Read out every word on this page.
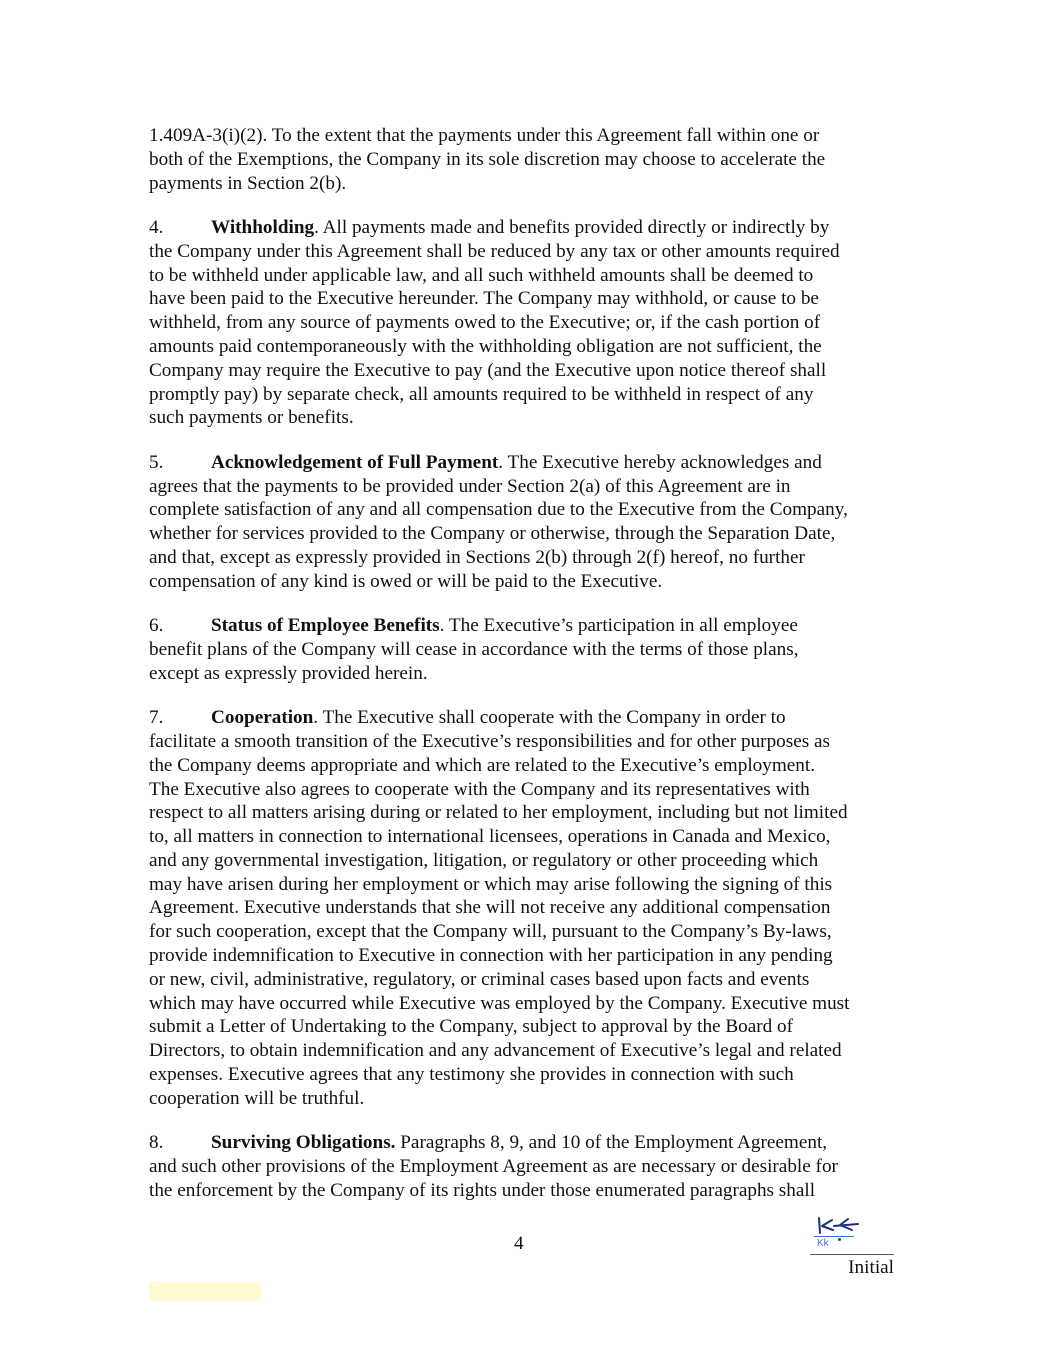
1.409A-3(i)(2). To the extent that the payments under this Agreement fall within one or
both of the Exemptions, the Company in its sole discretion may choose to accelerate the
payments in Section 2(b).

4. Withholding. All payments made and benefits provided directly or indirectly by
the Company under this Agreement shall be reduced by any tax or other amounts required
to be withheld under applicable law, and all such withheld amounts shall be deemed to
have been paid to the Executive hereunder. The Company may withhold, or cause to be
withheld, from any source of payments owed to the Executive; or, if the cash portion of
amounts paid contemporaneously with the withholding obligation are not sufficient, the
Company may require the Executive to pay (and the Executive upon notice thereof shall
promptly pay) by separate check, all amounts required to be withheld in respect of any
such payments or benefits.

5. Acknowledgement of Full Payment. The Executive hereby acknowledges and
agrees that the payments to be provided under Section 2(a) of this Agreement are in
complete satisfaction of any and all compensation due to the Executive from the Company,
whether for services provided to the Company or otherwise, through the Separation Date,
and that, except as expressly provided in Sections 2(b) through 2(f) hereof, no further
compensation of any kind is owed or will be paid to the Executive.

6. Status of Employee Benefits. The Executive’s participation in all employee
benefit plans of the Company will cease in accordance with the terms of those plans,
except as expressly provided herein.

7. Cooperation. The Executive shall cooperate with the Company in order to
facilitate a smooth transition of the Executive’s responsibilities and for other purposes as
the Company deems appropriate and which are related to the Executive’s employment.
The Executive also agrees to cooperate with the Company and its representatives with
respect to all matters arising during or related to her employment, including but not limited
to, all matters in connection to international licensees, operations in Canada and Mexico,
and any governmental investigation, litigation, or regulatory or other proceeding which
may have arisen during her employment or which may arise following the signing of this
Agreement. Executive understands that she will not receive any additional compensation
for such cooperation, except that the Company will, pursuant to the Company’s By-laws,
provide indemnification to Executive in connection with her participation in any pending
or new, civil, administrative, regulatory, or criminal cases based upon facts and events
which may have occurred while Executive was employed by the Company. Executive must
submit a Letter of Undertaking to the Company, subject to approval by the Board of
Directors, to obtain indemnification and any advancement of Executive’s legal and related
expenses. Executive agrees that any testimony she provides in connection with such
cooperation will be truthful.

8. Surviving Obligations. Paragraphs 8, 9, and 10 of the Employment Agreement,
and such other provisions of the Employment Agreement as are necessary or desirable for
the enforcement by the Company of its rights under those enumerated paragraphs shall

4	Kk
Initial
